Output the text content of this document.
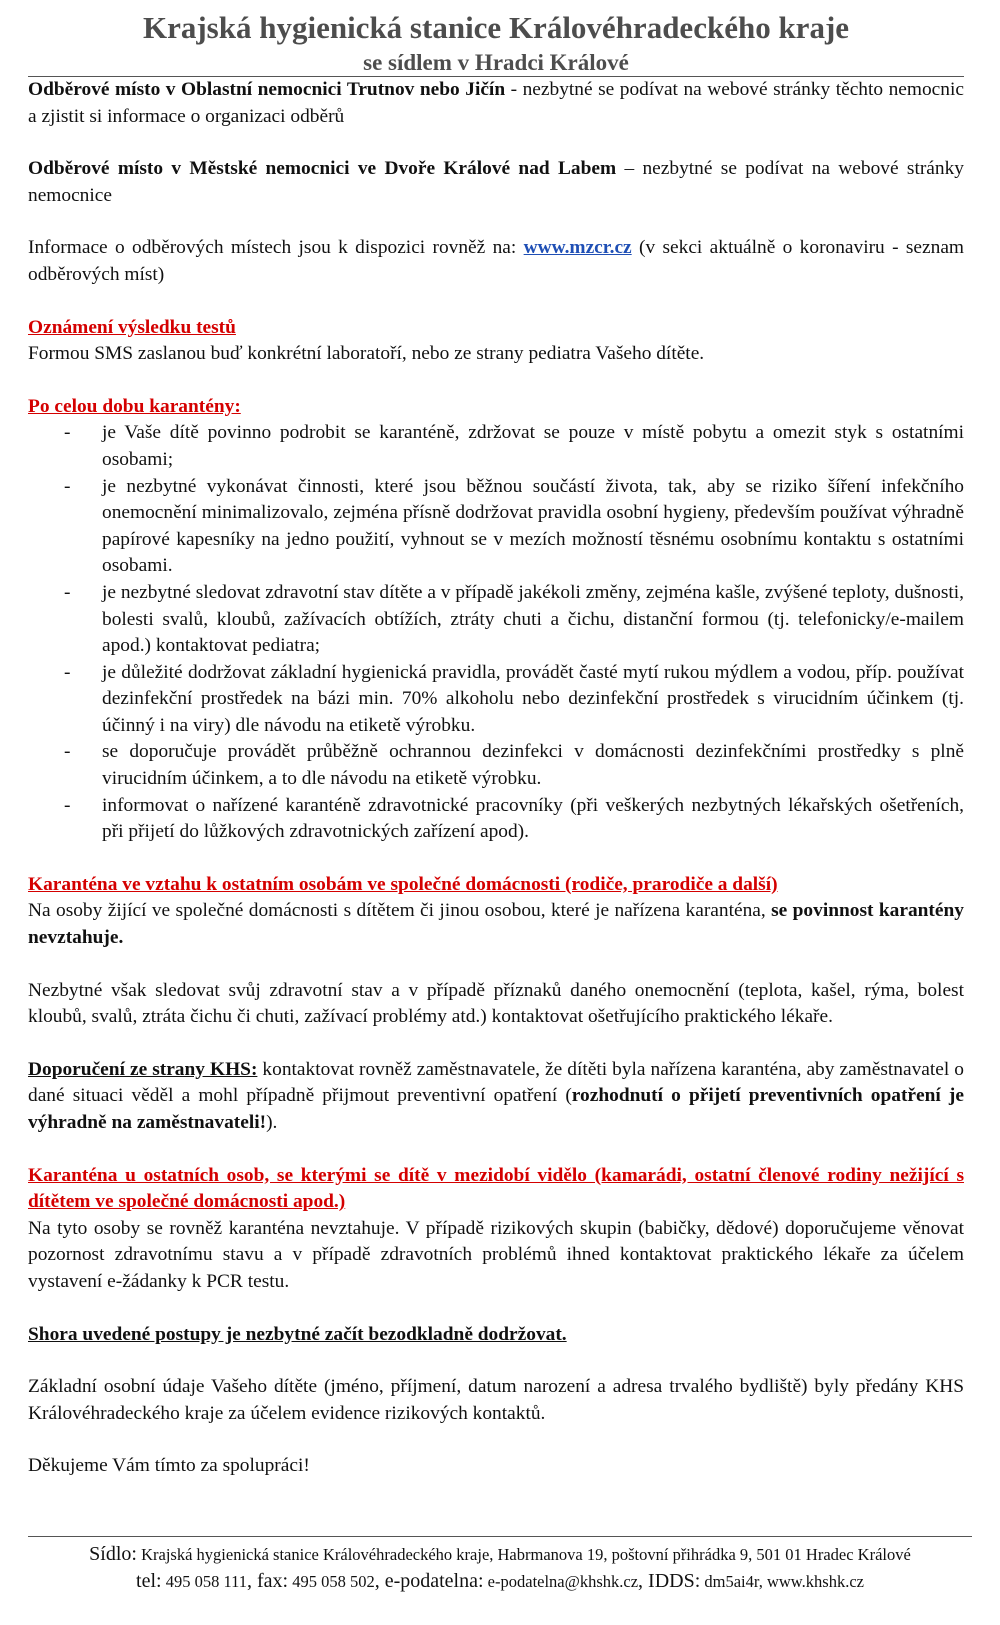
Krajská hygienická stanice Královéhradeckého kraje
se sídlem v Hradci Králové

Odběrové místo v Oblastní nemocnici Trutnov nebo Jičín - nezbytné se podívat na webové stránky těchto nemocnic a zjistit si informace o organizaci odběrů

Odběrové místo v Městské nemocnici ve Dvoře Králové nad Labem – nezbytné se podívat na webové stránky nemocnice

Informace o odběrových místech jsou k dispozici rovněž na: www.mzcr.cz (v sekci aktuálně o koronaviru - seznam odběrových míst)

Oznámení výsledku testů

Formou SMS zaslanou buď konkrétní laboratoří, nebo ze strany pediatra Vašeho dítěte.

Po celou dobu karantény:

- je Vaše dítě povinno podrobit se karanténě, zdržovat se pouze v místě pobytu a omezit styk s ostatními osobami;
- je nezbytné vykonávat činnosti, které jsou běžnou součástí života, tak, aby se riziko šíření infekčního onemocnění minimalizovalo, zejména přísně dodržovat pravidla osobní hygieny, především používat výhradně papírové kapesníky na jedno použití, vyhnout se v mezích možností těsnému osobnímu kontaktu s ostatními osobami.
- je nezbytné sledovat zdravotní stav dítěte a v případě jakékoli změny, zejména kašle, zvýšené teploty, dušnosti, bolesti svalů, kloubů, zažívacích obtížích, ztráty chuti a čichu, distanční formou (tj. telefonicky/e-mailem apod.) kontaktovat pediatra;
- je důležité dodržovat základní hygienická pravidla, provádět časté mytí rukou mýdlem a vodou, příp. používat dezinfekční prostředek na bázi min. 70% alkoholu nebo dezinfekční prostředek s virucidním účinkem (tj. účinný i na viry) dle návodu na etiketě výrobku.
- se doporučuje provádět průběžně ochrannou dezinfekci v domácnosti dezinfekčními prostředky s plně virucidním účinkem, a to dle návodu na etiketě výrobku.
- informovat o nařízené karanténě zdravotnické pracovníky (při veškerých nezbytných lékařských ošetřeních, při přijetí do lůžkových zdravotnických zařízení apod).

Karanténa ve vztahu k ostatním osobám ve společné domácnosti (rodiče, prarodiče a další)

Na osoby žijící ve společné domácnosti s dítětem či jinou osobou, které je nařízena karanténa, se povinnost karantény nevztahuje.

Nezbytné však sledovat svůj zdravotní stav a v případě příznaků daného onemocnění (teplota, kašel, rýma, bolest kloubů, svalů, ztráta čichu či chuti, zažívací problémy atd.) kontaktovat ošetřujícího praktického lékaře.

Doporučení ze strany KHS: kontaktovat rovněž zaměstnavatele, že dítěti byla nařízena karanténa, aby zaměstnavatel o dané situaci věděl a mohl případně přijmout preventivní opatření (rozhodnutí o přijetí preventivních opatření je výhradně na zaměstnavateli!).

Karanténa u ostatních osob, se kterými se dítě v mezidobí vidělo (kamarádi, ostatní členové rodiny nežijící s dítětem ve společné domácnosti apod.)

Na tyto osoby se rovněž karanténa nevztahuje. V případě rizikových skupin (babičky, dědové) doporučujeme věnovat pozornost zdravotnímu stavu a v případě zdravotních problémů ihned kontaktovat praktického lékaře za účelem vystavení e-žádanky k PCR testu.

Shora uvedené postupy je nezbytné začít bezodkladně dodržovat.

Základní osobní údaje Vašeho dítěte (jméno, příjmení, datum narození a adresa trvalého bydliště) byly předány KHS Královéhradeckého kraje za účelem evidence rizikových kontaktů.

Děkujeme Vám tímto za spolupráci!

Sídlo: Krajská hygienická stanice Královéhradeckého kraje, Habrmanova 19, poštovní přihrádka 9, 501 01 Hradec Králové
tel: 495 058 111, fax: 495 058 502, e-podatelna: e-podatelna@khshk.cz, IDDS: dm5ai4r, www.khshk.cz
